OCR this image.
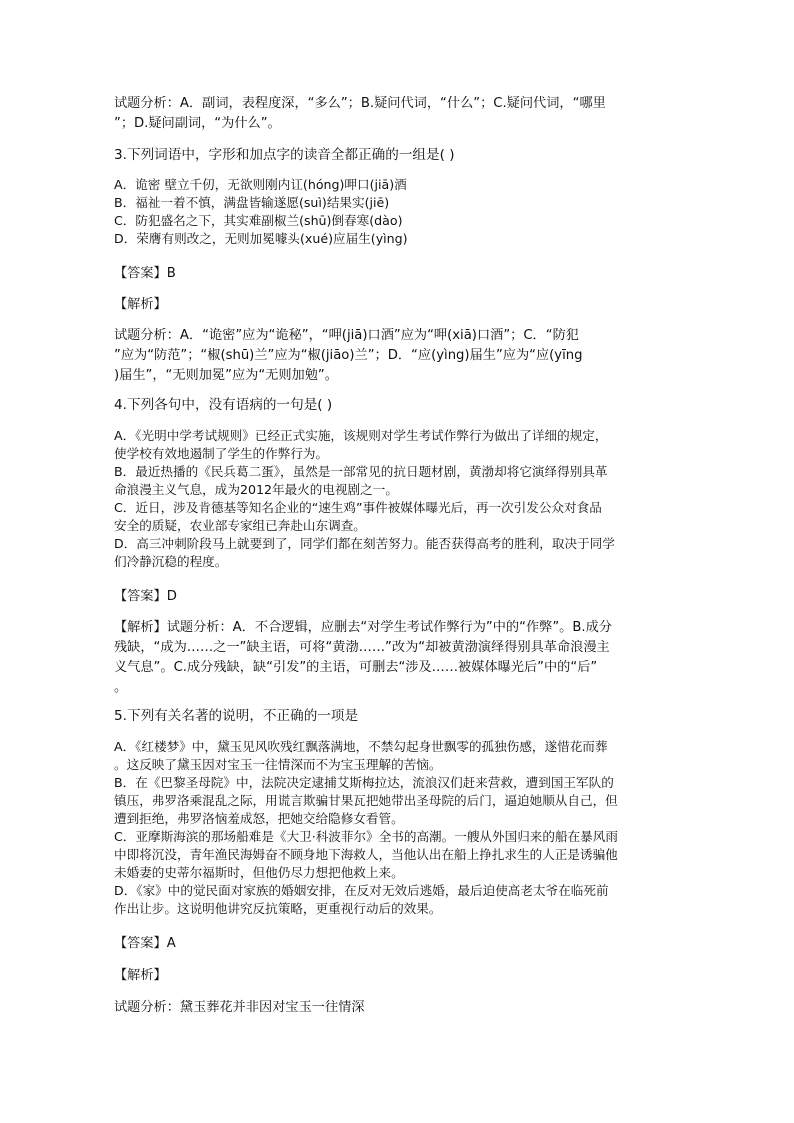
试题分析：A．副词，表程度深，“多么”；B.疑问代词，“什么”；C.疑问代词，“哪里
”；D.疑问副词，“为什么”。
3.下列词语中，字形和加点字的读音全都正确的一组是( )
A．诡密 壁立千仞，无欲则刚内讧(hóng)呷口(jiā)酒
B．福祉一着不慎，满盘皆输遂愿(suì)结果实(jiē)
C．防犯盛名之下，其实难副椒兰(shū)倒春寒(dào)
D．荣膺有则改之，无则加冕噱头(xué)应届生(yìng)
【答案】B
【解析】
试题分析：A．“诡密”应为“诡秘”，“呷(jiā)口酒”应为“呷(xiā)口酒”；C．“防犯
”应为“防范”；“椒(shū)兰”应为“椒(jiāo)兰”；D．“应(yìng)届生”应为“应(yīng
)届生”，“无则加冕”应为“无则加勉”。
4.下列各句中，没有语病的一句是( )
A．《光明中学考试规则》已经正式实施，该规则对学生考试作弊行为做出了详细的规定，
使学校有效地遏制了学生的作弊行为。
B．最近热播的《民兵葛二蛋》，虽然是一部常见的抗日题材剧，黄渤却将它演绎得别具革
命浪漫主义气息，成为2012年最火的电视剧之一。
C．近日，涉及肯德基等知名企业的“速生鸡”事件被媒体曝光后，再一次引发公众对食品
安全的质疑，农业部专家组已奔赴山东调查。
D．高三冲刺阶段马上就要到了，同学们都在刻苦努力。能否获得高考的胜利，取决于同学
们冷静沉稳的程度。
【答案】D
【解析】试题分析：A．不合逻辑，应删去“对学生考试作弊行为”中的“作弊”。B.成分
残缺，“成为……之一”缺主语，可将“黄渤……”改为“却被黄渤演绎得别具革命浪漫主
义气息”。C.成分残缺，缺“引发”的主语，可删去“涉及……被媒体曝光后”中的“后”
。
5.下列有关名著的说明，不正确的一项是
A．《红楼梦》中，黛玉见风吹残红飘落满地，不禁勾起身世飘零的孤独伤感，遂惜花而葬
。这反映了黛玉因对宝玉一往情深而不为宝玉理解的苦恼。
B．在《巴黎圣母院》中，法院决定逮捕艾斯梅拉达，流浪汉们赶来营救，遭到国王军队的
镇压，弗罗洛乘混乱之际，用谎言欺骗甘果瓦把她带出圣母院的后门，逼迫她顺从自己，但
遭到拒绝，弗罗洛恼羞成怒，把她交给隐修女看管。
C．亚摩斯海滨的那场船难是《大卫·科波菲尔》全书的高潮。一艘从外国归来的船在暴风雨
中即将沉没，青年渔民海姆奋不顾身地下海救人，当他认出在船上挣扎求生的人正是诱骗他
未婚妻的史蒂尔福斯时，但他仍尽力想把他救上来。
D．《家》中的觉民面对家族的婚姻安排，在反对无效后逃婚，最后迫使高老太爷在临死前
作出让步。这说明他讲究反抗策略，更重视行动后的效果。
【答案】A
【解析】
试题分析：黛玉葬花并非因对宝玉一往情深
